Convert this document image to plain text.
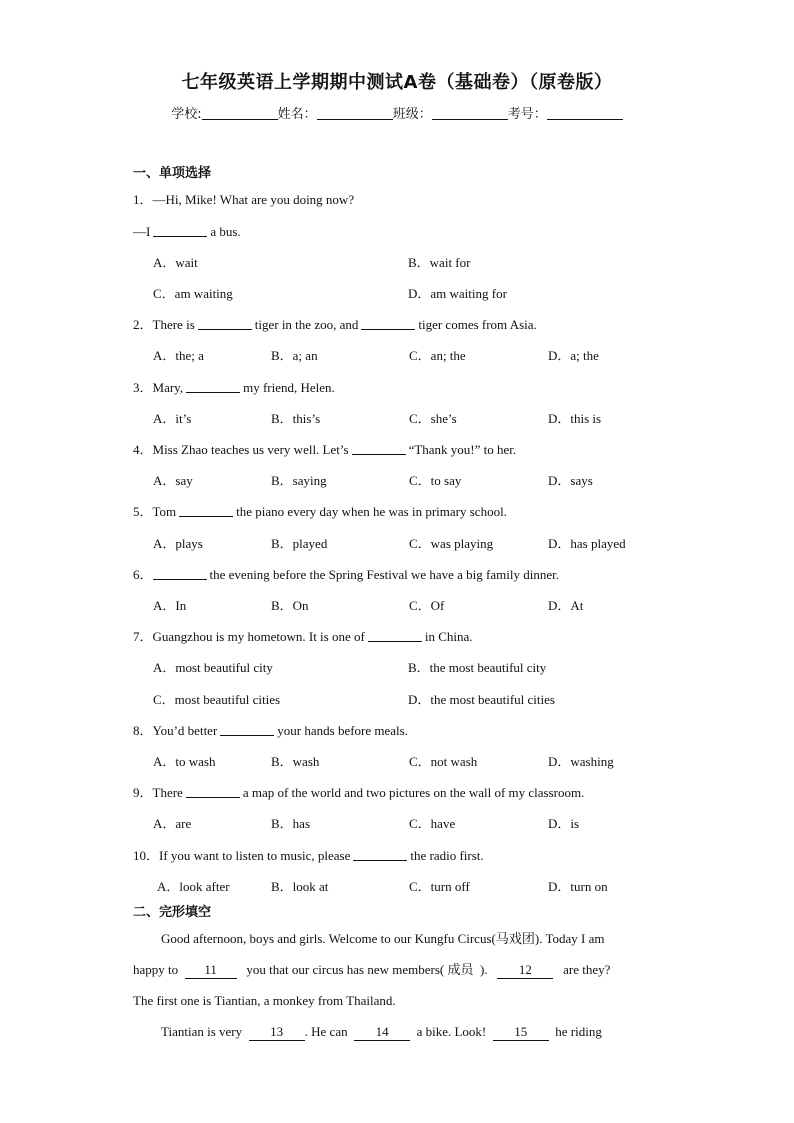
七年级英语上学期期中测试A卷（基础卷）（原卷版）
学校:	姓名：	班级：	考号：
一、单项选择
1．—Hi, Mike! What are you doing now?
—I	a bus.
A．wait	B．wait for
C．am waiting	D．am waiting for
2．There is	tiger in the zoo, and	tiger comes from Asia.
A．the; a	B．a; an	C．an; the	D．a; the
3．Mary,	my friend, Helen.
A．it’s	B．this’s	C．she’s	D．this is
4．Miss Zhao teaches us very well. Let’s	“Thank you!” to her.
A．say	B．saying	C．to say	D．says
5．Tom	the piano every day when he was in primary school.
A．plays	B．played	C．was playing	D．has played
6．	the evening before the Spring Festival we have a big family dinner.
A．In	B．On	C．Of	D．At
7．Guangzhou is my hometown. It is one of	in China.
A．most beautiful city	B．the most beautiful city
C．most beautiful cities	D．the most beautiful cities
8．You’d better	your hands before meals.
A．to wash	B．wash	C．not wash	D．washing
9．There	a map of the world and two pictures on the wall of my classroom.
A．are	B．has	C．have	D．is
10．If you want to listen to music, please	the radio first.
A．look after	B．look at	C．turn off	D．turn on
二、完形填空
Good afternoon, boys and girls. Welcome to our Kungfu Circus(马戏团). Today I am
happy to 11 you that our circus has new members( 成员 ). 12 are they?
The first one is Tiantian, a monkey from Thailand.
Tiantian is very 13 . He can 14 a bike. Look! 15 he riding
